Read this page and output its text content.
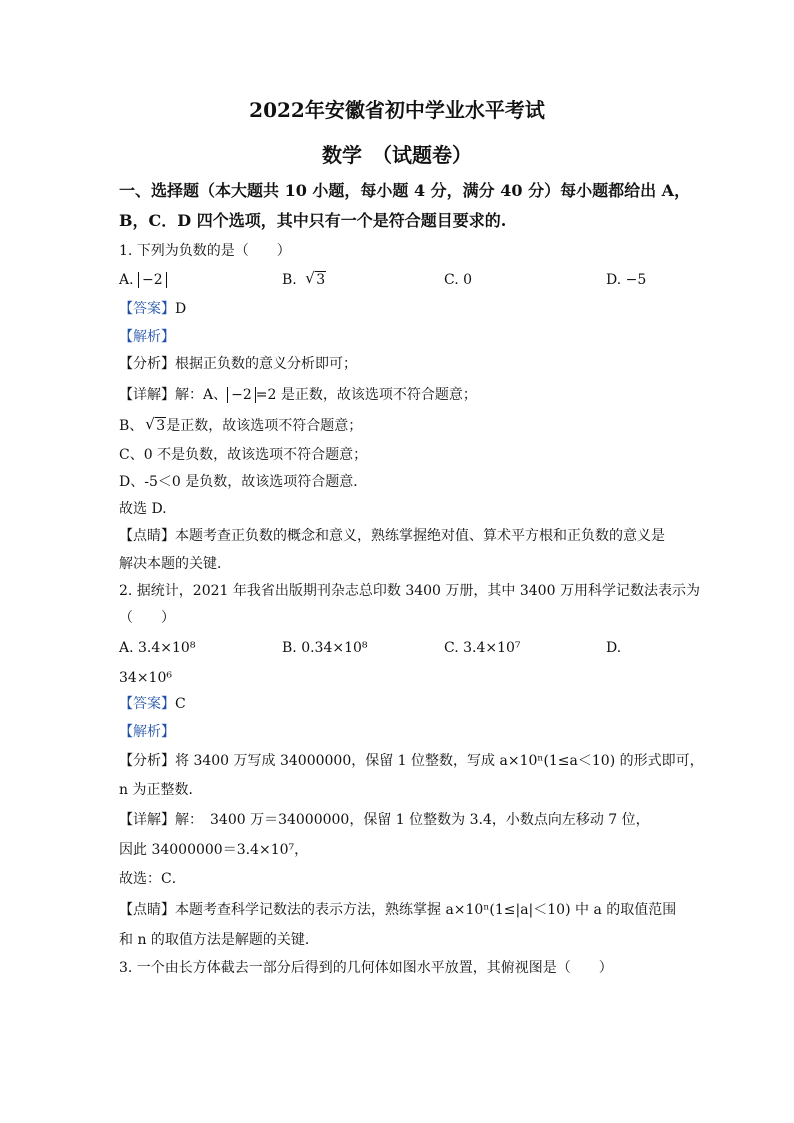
2022年安徽省初中学业水平考试
数学　（试题卷）
一、选择题（本大题共 10 小题，每小题 4 分，满分 40 分）每小题都给出 A，
B，C．D 四个选项，其中只有一个是符合题目要求的.
1. 下列为负数的是（　　）
A. −2	B. √ 3	C. 0	D. −5
【答案】D
【解析】
【分析】根据正负数的意义分析即可；
【详解】解：A、 −2 =2 是正数，故该选项不符合题意；
B、 √ 3是正数，故该选项不符合题意；
C、0 不是负数，故该选项不符合题意；
D、-5＜0 是负数，故该选项符合题意．
故选 D.
【点睛】本题考查正负数的概念和意义，熟练掌握绝对值、算术平方根和正负数的意义是
解决本题的关键．
2. 据统计，2021 年我省出版期刊杂志总印数 3400 万册，其中 3400 万用科学记数法表示为
（　　）
A. 3.4×10⁸	B. 0.34×10⁸	C. 3.4×10⁷	D.
34×10⁶
【答案】C
【解析】
【分析】将 3400 万写成 34000000，保留 1 位整数，写成 a×10ⁿ(1≤a＜10) 的形式即可，
n 为正整数．
【详解】解：　3400 万＝34000000，保留 1 位整数为 3.4，小数点向左移动 7 位，
因此 34000000＝3.4×10⁷，
故选：C．
【点睛】本题考查科学记数法的表示方法，熟练掌握 a×10ⁿ(1≤|a|＜10) 中 a 的取值范围
和 n 的取值方法是解题的关键．
3. 一个由长方体截去一部分后得到的几何体如图水平放置，其俯视图是（　　）
